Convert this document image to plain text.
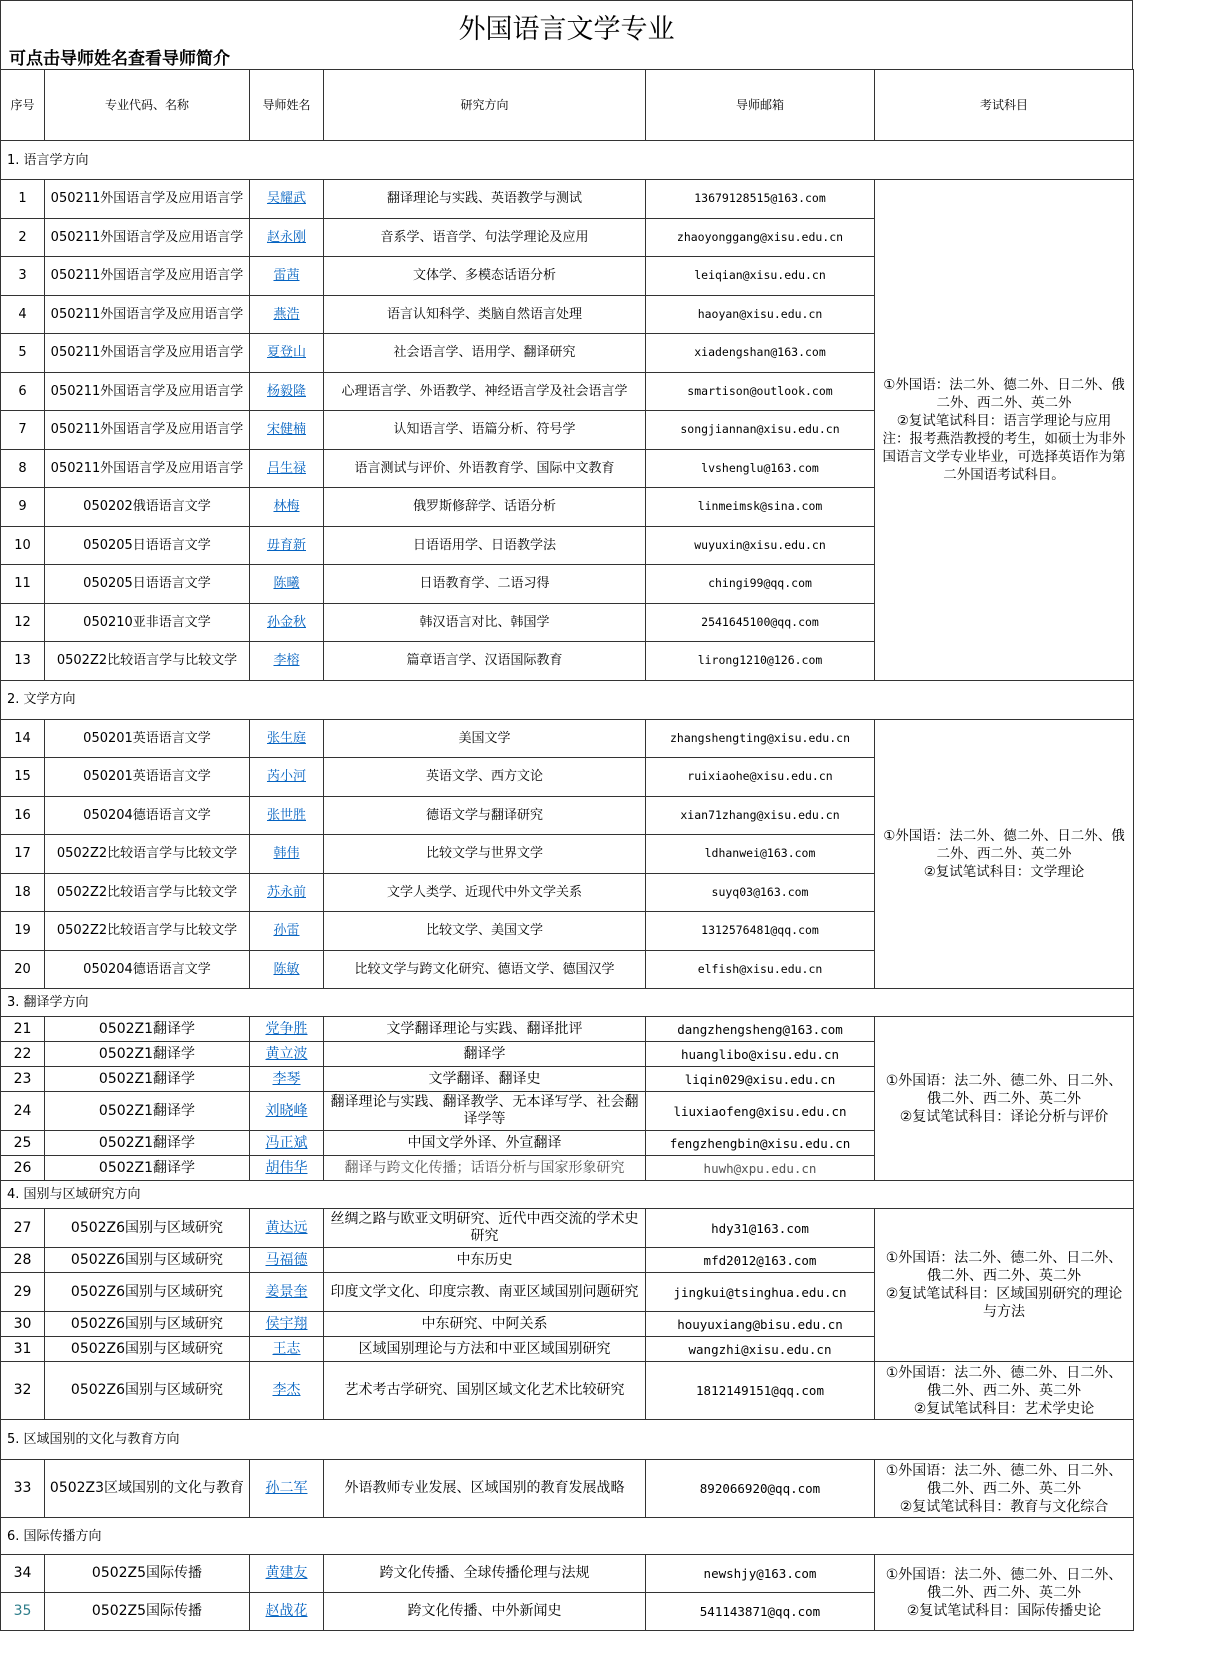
外国语言文学专业
可点击导师姓名查看导师简介
序号	专业代码、名称	导师姓名	研究方向	导师邮箱	考试科目
1. 语言学方向					
1	050211外国语言学及应用语言学	吴耀武	翻译理论与实践、英语教学与测试	13679128515@163.com	①外国语：法二外、德二外、日二外、俄二外、西二外、英二外
②复试笔试科目：语言学理论与应用
注：报考燕浩教授的考生，如硕士为非外国语言文学专业毕业，可选择英语作为第二外国语考试科目。
2	050211外国语言学及应用语言学	赵永刚	音系学、语音学、句法学理论及应用	zhaoyonggang@xisu.edu.cn	
3	050211外国语言学及应用语言学	雷茜	文体学、多模态话语分析	leiqian@xisu.edu.cn	
4	050211外国语言学及应用语言学	燕浩	语言认知科学、类脑自然语言处理	haoyan@xisu.edu.cn	
5	050211外国语言学及应用语言学	夏登山	社会语言学、语用学、翻译研究	xiadengshan@163.com	
6	050211外国语言学及应用语言学	杨毅隆	心理语言学、外语教学、神经语言学及社会语言学	smartison@outlook.com	
7	050211外国语言学及应用语言学	宋健楠	认知语言学、语篇分析、符号学	songjiannan@xisu.edu.cn	
8	050211外国语言学及应用语言学	吕生禄	语言测试与评价、外语教育学、国际中文教育	lvshenglu@163.com	
9	050202俄语语言文学	林梅	俄罗斯修辞学、话语分析	linmeimsk@sina.com	
10	050205日语语言文学	毋育新	日语语用学、日语教学法	wuyuxin@xisu.edu.cn	
11	050205日语语言文学	陈曦	日语教育学、二语习得	chingi99@qq.com	
12	050210亚非语言文学	孙金秋	韩汉语言对比、韩国学	2541645100@qq.com	
13	0502Z2比较语言学与比较文学	李榕	篇章语言学、汉语国际教育	lirong1210@126.com	
2. 文学方向					
14	050201英语语言文学	张生庭	美国文学	zhangshengting@xisu.edu.cn	①外国语：法二外、德二外、日二外、俄二外、西二外、英二外
②复试笔试科目：文学理论
15	050201英语语言文学	芮小河	英语文学、西方文论	ruixiaohe@xisu.edu.cn	
16	050204德语语言文学	张世胜	德语文学与翻译研究	xian71zhang@xisu.edu.cn	
17	0502Z2比较语言学与比较文学	韩伟	比较文学与世界文学	ldhanwei@163.com	
18	0502Z2比较语言学与比较文学	苏永前	文学人类学、近现代中外文学关系	suyq03@163.com	
19	0502Z2比较语言学与比较文学	孙雷	比较文学、美国文学	1312576481@qq.com	
20	050204德语语言文学	陈敏	比较文学与跨文化研究、德语文学、德国汉学	elfish@xisu.edu.cn	
3. 翻译学方向					
21	0502Z1翻译学	党争胜	文学翻译理论与实践、翻译批评	dangzhengsheng@163.com	①外国语：法二外、德二外、日二外、俄二外、西二外、英二外
②复试笔试科目：译论分析与评价
22	0502Z1翻译学	黄立波	翻译学	huanglibo@xisu.edu.cn	
23	0502Z1翻译学	李琴	文学翻译、翻译史	liqin029@xisu.edu.cn	
24	0502Z1翻译学	刘晓峰	翻译理论与实践、翻译教学、无本译写学、社会翻译学等	liuxiaofeng@xisu.edu.cn	
25	0502Z1翻译学	冯正斌	中国文学外译、外宣翻译	fengzhengbin@xisu.edu.cn	
26	0502Z1翻译学	胡伟华	翻译与跨文化传播；话语分析与国家形象研究	huwh@xpu.edu.cn	
4. 国别与区域研究方向					
27	0502Z6国别与区域研究	黄达远	丝绸之路与欧亚文明研究、近代中西交流的学术史研究	hdy31@163.com	①外国语：法二外、德二外、日二外、俄二外、西二外、英二外
②复试笔试科目：区域国别研究的理论与方法
28	0502Z6国别与区域研究	马福德	中东历史	mfd2012@163.com	
29	0502Z6国别与区域研究	姜景奎	印度文学文化、印度宗教、南亚区域国别问题研究	jingkui@tsinghua.edu.cn	
30	0502Z6国别与区域研究	侯宇翔	中东研究、中阿关系	houyuxiang@bisu.edu.cn	
31	0502Z6国别与区域研究	王志	区域国别理论与方法和中亚区域国别研究	wangzhi@xisu.edu.cn	
32	0502Z6国别与区域研究	李杰	艺术考古学研究、国别区域文化艺术比较研究	1812149151@qq.com	①外国语：法二外、德二外、日二外、俄二外、西二外、英二外
②复试笔试科目：艺术学史论
5. 区域国别的文化与教育方向					
33	0502Z3区域国别的文化与教育	孙二军	外语教师专业发展、区域国别的教育发展战略	892066920@qq.com	①外国语：法二外、德二外、日二外、俄二外、西二外、英二外
②复试笔试科目：教育与文化综合
6. 国际传播方向					
34	0502Z5国际传播	黄建友	跨文化传播、全球传播伦理与法规	newshjy@163.com	①外国语：法二外、德二外、日二外、俄二外、西二外、英二外
②复试笔试科目：国际传播史论
35	0502Z5国际传播	赵战花	跨文化传播、中外新闻史	541143871@qq.com	
